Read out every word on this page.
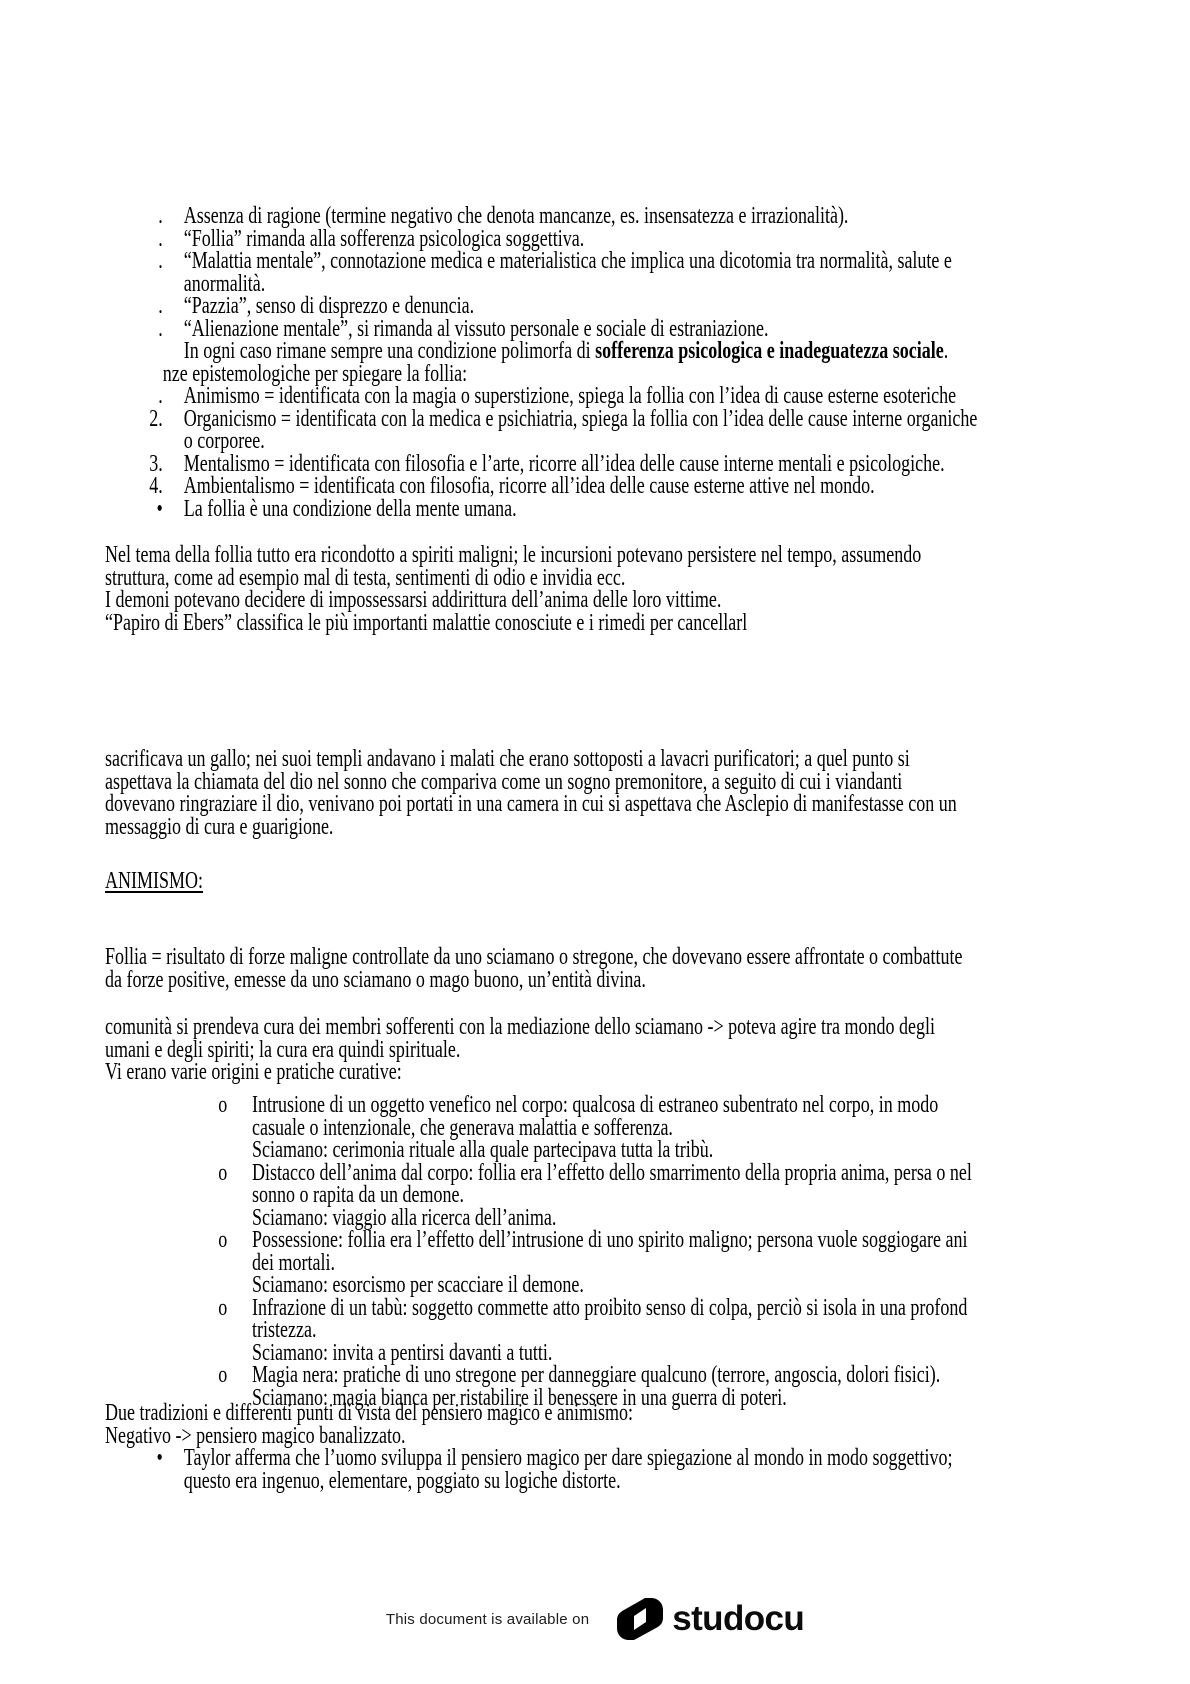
. Assenza di ragione (termine negativo che denota mancanze, es. insensatezza e irrazionalità).
. “Follia” rimanda alla sofferenza psicologica soggettiva.
. “Malattia mentale”, connotazione medica e materialistica che implica una dicotomia tra normalità, salute e
anormalità.
. “Pazzia”, senso di disprezzo e denuncia.
. “Alienazione mentale”, si rimanda al vissuto personale e sociale di estraniazione.
In ogni caso rimane sempre una condizione polimorfa di sofferenza psicologica e inadeguatezza sociale.
nze epistemologiche per spiegare la follia:
. Animismo = identificata con la magia o superstizione, spiega la follia con l’idea di cause esterne esoteriche
2. Organicismo = identificata con la medica e psichiatria, spiega la follia con l’idea delle cause interne organiche
o corporee.
3. Mentalismo = identificata con filosofia e l’arte, ricorre all’idea delle cause interne mentali e psicologiche.
4. Ambientalismo = identificata con filosofia, ricorre all’idea delle cause esterne attive nel mondo.
• La follia è una condizione della mente umana.
Nel tema della follia tutto era ricondotto a spiriti maligni; le incursioni potevano persistere nel tempo, assumendo
struttura, come ad esempio mal di testa, sentimenti di odio e invidia ecc.
I demoni potevano decidere di impossessarsi addirittura dell’anima delle loro vittime.
“Papiro di Ebers” classifica le più importanti malattie conosciute e i rimedi per cancellarl
sacrificava un gallo; nei suoi templi andavano i malati che erano sottoposti a lavacri purificatori; a quel punto si
aspettava la chiamata del dio nel sonno che compariva come un sogno premonitore, a seguito di cui i viandanti
dovevano ringraziare il dio, venivano poi portati in una camera in cui si aspettava che Asclepio di manifestasse con un
messaggio di cura e guarigione.
ANIMISMO:
Follia = risultato di forze maligne controllate da uno sciamano o stregone, che dovevano essere affrontate o combattute
da forze positive, emesse da uno sciamano o mago buono, un’entità divina.
comunità si prendeva cura dei membri sofferenti con la mediazione dello sciamano -> poteva agire tra mondo degli
umani e degli spiriti; la cura era quindi spirituale.
Vi erano varie origini e pratiche curative:
o Intrusione di un oggetto venefico nel corpo: qualcosa di estraneo subentrato nel corpo, in modo
casuale o intenzionale, che generava malattia e sofferenza.
Sciamano: cerimonia rituale alla quale partecipava tutta la tribù.
o Distacco dell’anima dal corpo: follia era l’effetto dello smarrimento della propria anima, persa o nel
sonno o rapita da un demone.
Sciamano: viaggio alla ricerca dell’anima.
o Possessione: follia era l’effetto dell’intrusione di uno spirito maligno; persona vuole soggiogare ani
dei mortali.
Sciamano: esorcismo per scacciare il demone.
o Infrazione di un tabù: soggetto commette atto proibito senso di colpa, perciò si isola in una profond
tristezza.
Sciamano: invita a pentirsi davanti a tutti.
o Magia nera: pratiche di uno stregone per danneggiare qualcuno (terrore, angoscia, dolori fisici).
Sciamano: magia bianca per ristabilire il benessere in una guerra di poteri.
Due tradizioni e differenti punti di vista del pensiero magico e animismo:
Negativo -> pensiero magico banalizzato.
• Taylor afferma che l’uomo sviluppa il pensiero magico per dare spiegazione al mondo in modo soggettivo;
questo era ingenuo, elementare, poggiato su logiche distorte.
This document is available on studocu
